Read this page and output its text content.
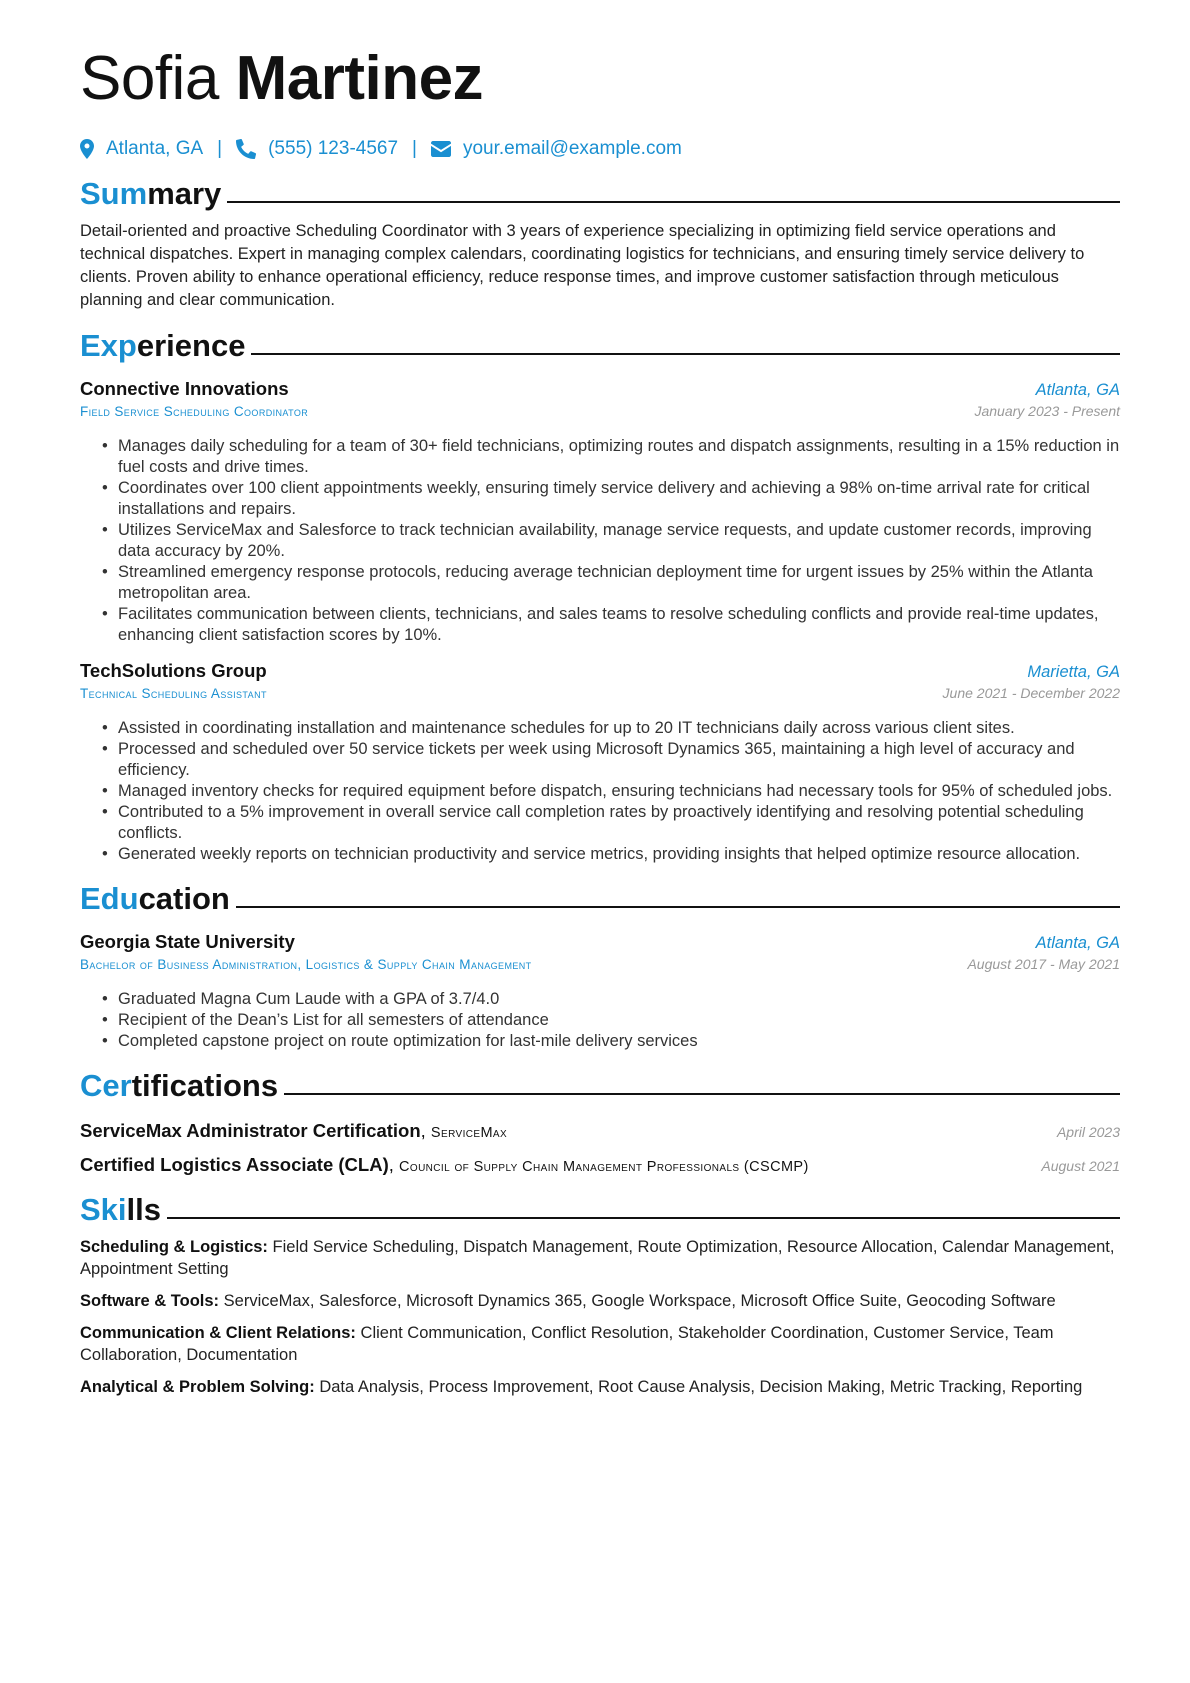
Sofia Martinez
Atlanta, GA | (555) 123-4567 | your.email@example.com
Summary
Detail-oriented and proactive Scheduling Coordinator with 3 years of experience specializing in optimizing field service operations and technical dispatches. Expert in managing complex calendars, coordinating logistics for technicians, and ensuring timely service delivery to clients. Proven ability to enhance operational efficiency, reduce response times, and improve customer satisfaction through meticulous planning and clear communication.
Experience
Connective Innovations	Atlanta, GA
Field Service Scheduling Coordinator	January 2023 - Present
• Manages daily scheduling for a team of 30+ field technicians, optimizing routes and dispatch assignments, resulting in a 15% reduction in fuel costs and drive times.
• Coordinates over 100 client appointments weekly, ensuring timely service delivery and achieving a 98% on-time arrival rate for critical installations and repairs.
• Utilizes ServiceMax and Salesforce to track technician availability, manage service requests, and update customer records, improving data accuracy by 20%.
• Streamlined emergency response protocols, reducing average technician deployment time for urgent issues by 25% within the Atlanta metropolitan area.
• Facilitates communication between clients, technicians, and sales teams to resolve scheduling conflicts and provide real-time updates, enhancing client satisfaction scores by 10%.
TechSolutions Group	Marietta, GA
Technical Scheduling Assistant	June 2021 - December 2022
• Assisted in coordinating installation and maintenance schedules for up to 20 IT technicians daily across various client sites.
• Processed and scheduled over 50 service tickets per week using Microsoft Dynamics 365, maintaining a high level of accuracy and efficiency.
• Managed inventory checks for required equipment before dispatch, ensuring technicians had necessary tools for 95% of scheduled jobs.
• Contributed to a 5% improvement in overall service call completion rates by proactively identifying and resolving potential scheduling conflicts.
• Generated weekly reports on technician productivity and service metrics, providing insights that helped optimize resource allocation.
Education
Georgia State University	Atlanta, GA
Bachelor of Business Administration, Logistics & Supply Chain Management	August 2017 - May 2021
• Graduated Magna Cum Laude with a GPA of 3.7/4.0
• Recipient of the Dean’s List for all semesters of attendance
• Completed capstone project on route optimization for last-mile delivery services
Certifications
ServiceMax Administrator Certification, ServiceMax	April 2023
Certified Logistics Associate (CLA), Council of Supply Chain Management Professionals (CSCMP)	August 2021
Skills
Scheduling & Logistics: Field Service Scheduling, Dispatch Management, Route Optimization, Resource Allocation, Calendar Management, Appointment Setting
Software & Tools: ServiceMax, Salesforce, Microsoft Dynamics 365, Google Workspace, Microsoft Office Suite, Geocoding Software
Communication & Client Relations: Client Communication, Conflict Resolution, Stakeholder Coordination, Customer Service, Team Collaboration, Documentation
Analytical & Problem Solving: Data Analysis, Process Improvement, Root Cause Analysis, Decision Making, Metric Tracking, Reporting
